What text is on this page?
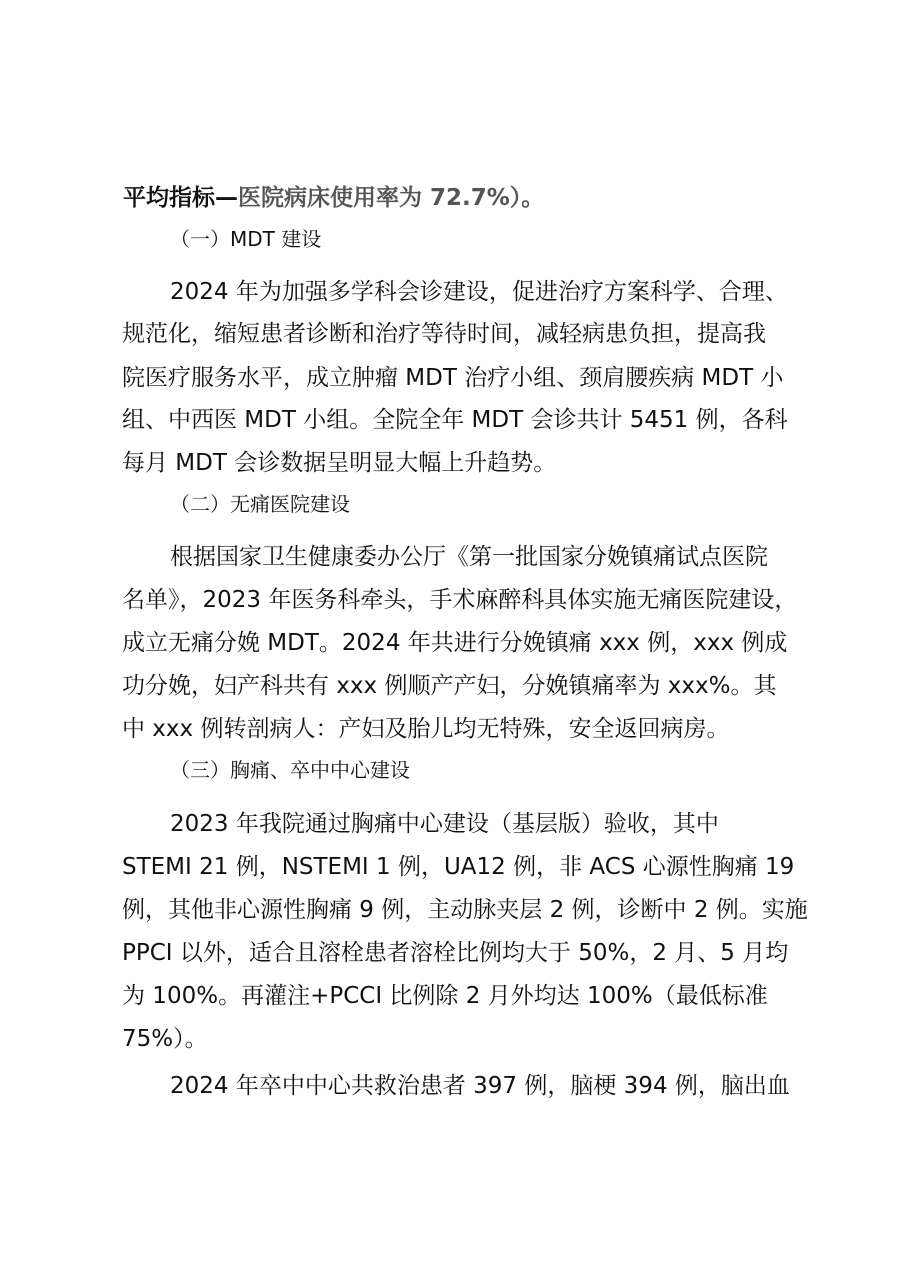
平均指标—医院病床使用率为 72.7%）。
（一）MDT 建设
2024 年为加强多学科会诊建设，促进治疗方案科学、合理、
规范化，缩短患者诊断和治疗等待时间，减轻病患负担，提高我
院医疗服务水平，成立肿瘤 MDT 治疗小组、颈肩腰疾病 MDT 小
组、中西医 MDT 小组。全院全年 MDT 会诊共计 5451 例，各科
每月 MDT 会诊数据呈明显大幅上升趋势。
（二）无痛医院建设
根据国家卫生健康委办公厅《第一批国家分娩镇痛试点医院
名单》，2023 年医务科牵头，手术麻醉科具体实施无痛医院建设，
成立无痛分娩 MDT。2024 年共进行分娩镇痛 xxx 例，xxx 例成
功分娩，妇产科共有 xxx 例顺产产妇，分娩镇痛率为 xxx%。其
中 xxx 例转剖病人：产妇及胎儿均无特殊，安全返回病房。
（三）胸痛、卒中中心建设
2023 年我院通过胸痛中心建设（基层版）验收，其中
STEMI 21 例，NSTEMI 1 例，UA12 例，非 ACS 心源性胸痛 19
例，其他非心源性胸痛 9 例，主动脉夹层 2 例，诊断中 2 例。实施
PPCI 以外，适合且溶栓患者溶栓比例均大于 50%，2 月、5 月均
为 100%。再灌注+PCCI 比例除 2 月外均达 100%（最低标准
75%）。
2024 年卒中中心共救治患者 397 例，脑梗 394 例，脑出血
